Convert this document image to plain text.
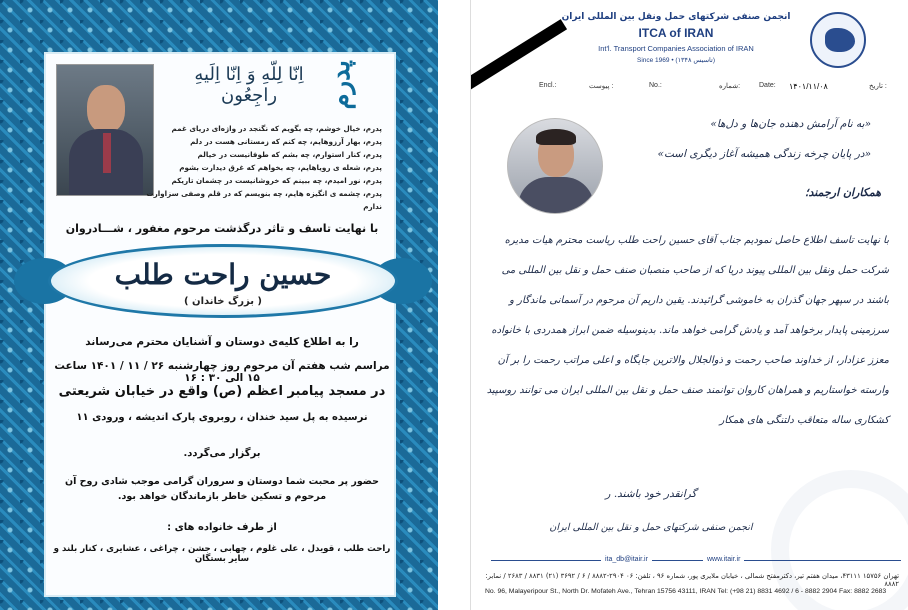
پدرم
اِنّا لِلّهِ وَ اِنّا اِلَیهِ راجِعُون
پدرم، خیال خوشم، چه بگویم که نگنجد در واژه‌ای دریای غمم
پدرم، بهار آرزوهایم، چه کنم که زمستانی هست در دلم
پدرم، کنار استوارم، چه بشم که طوفانیست در خیالم
پدرم، شعله ی رویاهایم، چه بخواهم که غرق دیدارت بشوم
پدرم، نور امیدم، چه ببینم که خروشانیست در چشمان تاریکم
پدرم، چشمه ی انگیزه هایم، چه بنویسم که در قلم وصفی سزاوارت ندارم
با نهایت تاسف و تاثر درگذشت مرحوم مغفور ، شـــادروان
حسین راحت طلب
( بزرگ خاندان )
را به اطلاع کلیه‌ی دوستان و آشنایان محترم می‌رساند
مراسم شب هفتم آن مرحوم روز چهارشنبه ۲۶ / ۱۱ / ۱۴۰۱ ساعت ۱۵ الی ۳۰ : ۱۶
در مسجد پیامبر اعظم (ص) واقع در خیابان شریعتی
نرسیده به پل سید خندان ، روبروی پارک اندیشه ، ورودی ۱۱
برگزار می‌گردد.
حضور پر محبت شما دوستان و سروران گرامی موجب شادی روح آن مرحوم و تسکین خاطر بازماندگان خواهد بود.
از طرف خانواده های :
راحت طلب ، قویدل ، علی غلوم ، چهابی ، جشن ، چراغی ، عشایری ، کنار بلند و سایر بستگان
انجمن صنفی شرکتهای حمل ونقل بین المللی ایران
ITCA of IRAN
Int'l. Transport Companies Association of IRAN
Since 1969 • (تاسیس ۱۳۴۸)
Encl.:	پیوست :	No.:	شماره:	Date: ۱۴۰۱/۱۱/۰۸	تاریخ :
«به نام آرامش دهنده جان‌ها و دل‌ها»
«در پایان چرخه زندگی همیشه آغاز دیگری است»
همکاران ارجمند؛
با نهایت تاسف اطلاع حاصل نمودیم جناب آقای حسین راحت طلب ریاست محترم هیات مدیره شرکت حمل ونقل بین المللی پیوند دریا که از صاحب منصبان صنف حمل و نقل بین المللی می باشند در سپهر جهان گذران به خاموشی گرائیدند. یقین داریم آن مرحوم در آسمانی ماندگار و سرزمینی پایدار برخواهد آمد و یادش گرامی خواهد ماند. بدینوسیله ضمن ابراز همدردی با خانواده معزز عزادار، از خداوند صاحب رحمت و ذوالجلال والاترین جایگاه و اعلی مراتب رحمت را بر آن وارسته خواستاریم و همراهان کاروان توانمند صنف حمل و نقل بین المللی ایران می توانند روسپید کشکاری ساله متعاقب دلتنگی های همکار
گرانقدر خود باشند. ر
انجمن صنفی شرکتهای حمل و نقل بین المللی ایران
www.itair.ir
ita_db@itair.ir
تهران ۱۵۷۵۶ ۴۳۱۱۱، میدان هفتم تیر، دکترمفتح شمالی ، خیابان ملایری پور، شماره ۹۶ ، تلفن: ۰۶ ۲۹۰۴-۸۸۸۲ / ۶ / ۳۶۹۲ (۲۱) ۸۸۳۱ / ۲۶۸۳ / نمابر: ۸۸۸۲
No. 96, Malayeripour St., North Dr. Mofateh Ave., Tehran 15756 43111, IRAN Tel: (+98 21) 8831 4692 / 6 - 8882 2904 Fax: 8882 2683
